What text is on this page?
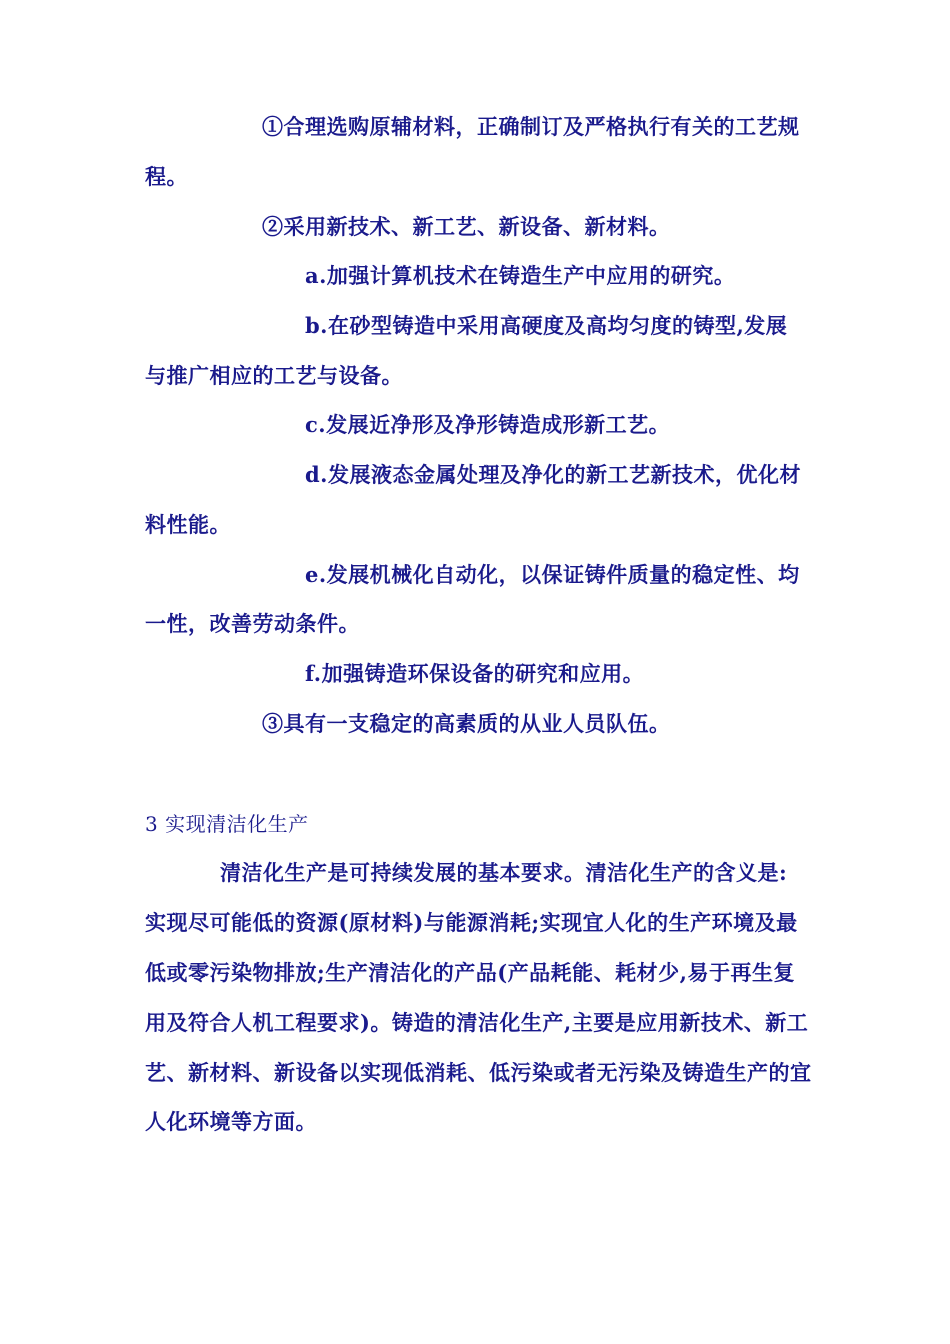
①合理选购原辅材料，正确制订及严格执行有关的工艺规
程。
②采用新技术、新工艺、新设备、新材料。
a.加强计算机技术在铸造生产中应用的研究。
b.在砂型铸造中采用高硬度及高均匀度的铸型,发展
与推广相应的工艺与设备。
c.发展近净形及净形铸造成形新工艺。
d.发展液态金属处理及净化的新工艺新技术，优化材
料性能。
e.发展机械化自动化，以保证铸件质量的稳定性、均
一性，改善劳动条件。
f.加强铸造环保设备的研究和应用。
③具有一支稳定的高素质的从业人员队伍。
3 实现清洁化生产
清洁化生产是可持续发展的基本要求。清洁化生产的含义是:
实现尽可能低的资源(原材料)与能源消耗;实现宜人化的生产环境及最
低或零污染物排放;生产清洁化的产品(产品耗能、耗材少,易于再生复
用及符合人机工程要求)。铸造的清洁化生产,主要是应用新技术、新工
艺、新材料、新设备以实现低消耗、低污染或者无污染及铸造生产的宜
人化环境等方面。
